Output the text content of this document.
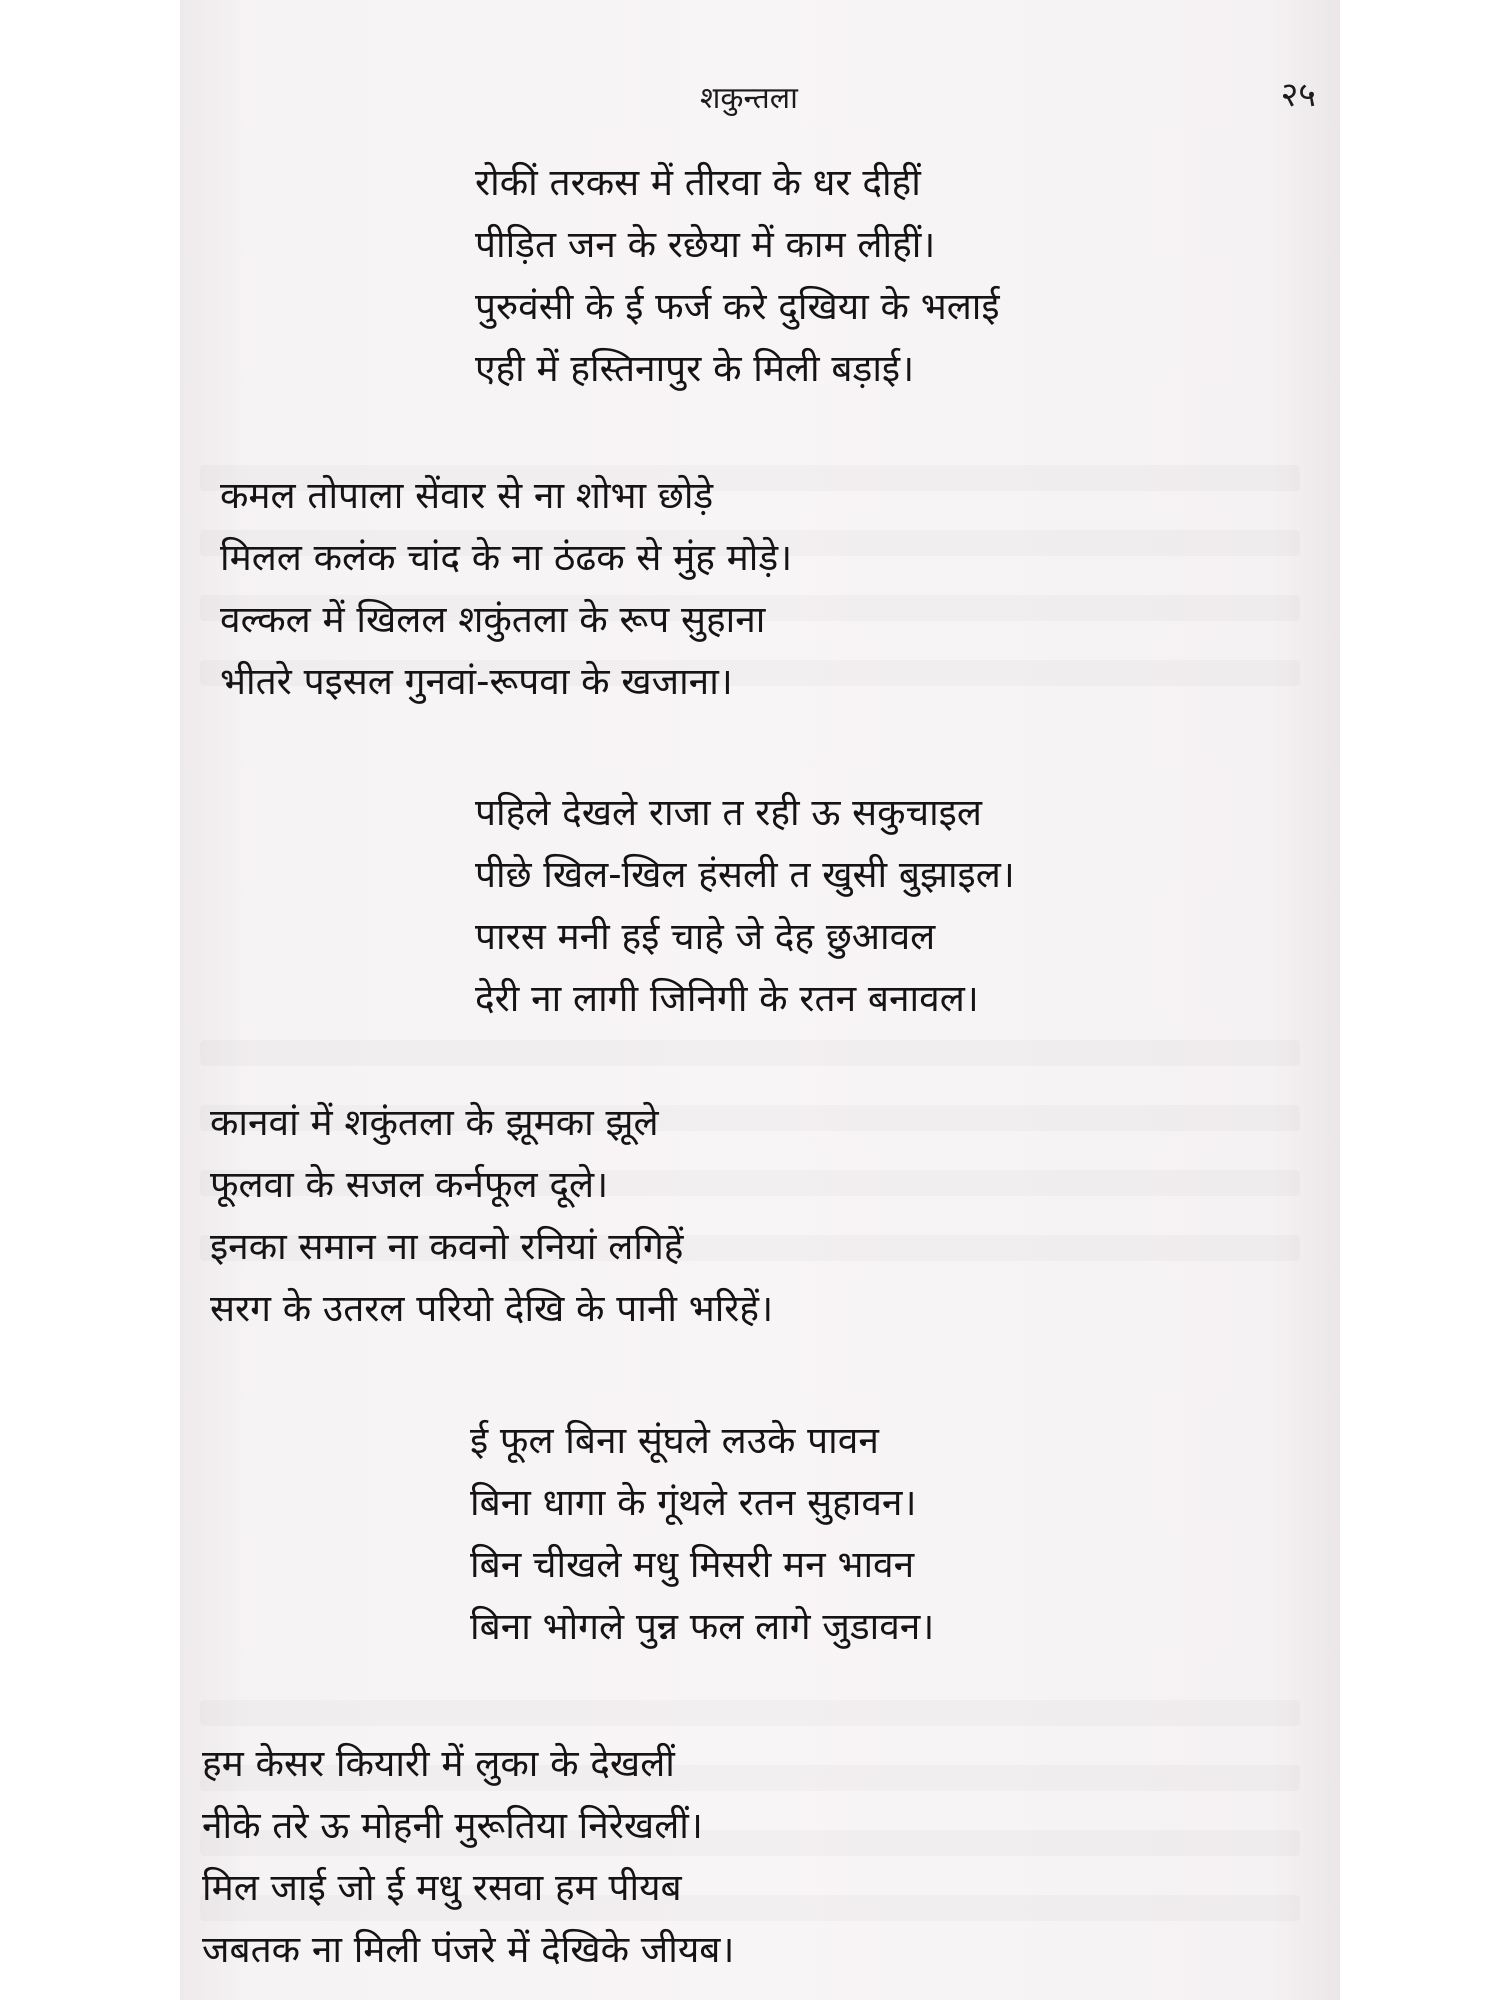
शकुन्तला	२५
रोकीं तरकस में तीरवा के धर दीहीं
पीड़ित जन के रछेया में काम लीहीं।
पुरुवंसी के ई फर्ज करे दुखिया के भलाई
एही में हस्तिनापुर के मिली बड़ाई।
कमल तोपाला सेंवार से ना शोभा छोड़े
मिलल कलंक चांद के ना ठंढक से मुंह मोड़े।
वल्कल में खिलल शकुंतला के रूप सुहाना
भीतरे पइसल गुनवां-रूपवा के खजाना।
पहिले देखले राजा त रही ऊ सकुचाइल
पीछे खिल-खिल हंसली त खुसी बुझाइल।
पारस मनी हई चाहे जे देह छुआवल
देरी ना लागी जिनिगी के रतन बनावल।
कानवां में शकुंतला के झूमका झूले
फूलवा के सजल कर्नफूल दूले।
इनका समान ना कवनो रनियां लगिहें
सरग के उतरल परियो देखि के पानी भरिहें।
ई फूल बिना सूंघले लउके पावन
बिना धागा के गूंथले रतन सुहावन।
बिन चीखले मधु मिसरी मन भावन
बिना भोगले पुन्न फल लागे जुडावन।
हम केसर कियारी में लुका के देखलीं
नीके तरे ऊ मोहनी मुरूतिया निरेखलीं।
मिल जाई जो ई मधु रसवा हम पीयब
जबतक ना मिली पंजरे में देखिके जीयब।
